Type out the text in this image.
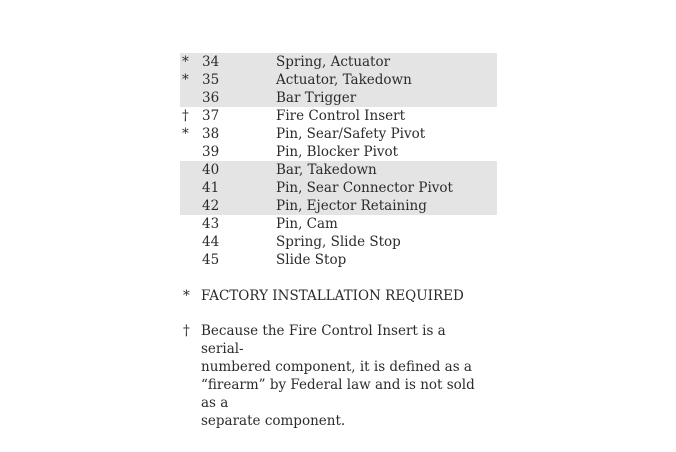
* 34	Spring, Actuator
* 35	Actuator, Takedown
36	Bar Trigger
† 37	Fire Control Insert
* 38	Pin, Sear/Safety Pivot
39	Pin, Blocker Pivot
40	Bar, Takedown
41	Pin, Sear Connector Pivot
42	Pin, Ejector Retaining
43	Pin, Cam
44	Spring, Slide Stop
45	Slide Stop
* FACTORY INSTALLATION REQUIRED
† Because the Fire Control Insert is a serial-
numbered component, it is defined as a
“firearm” by Federal law and is not sold as a
separate component.
